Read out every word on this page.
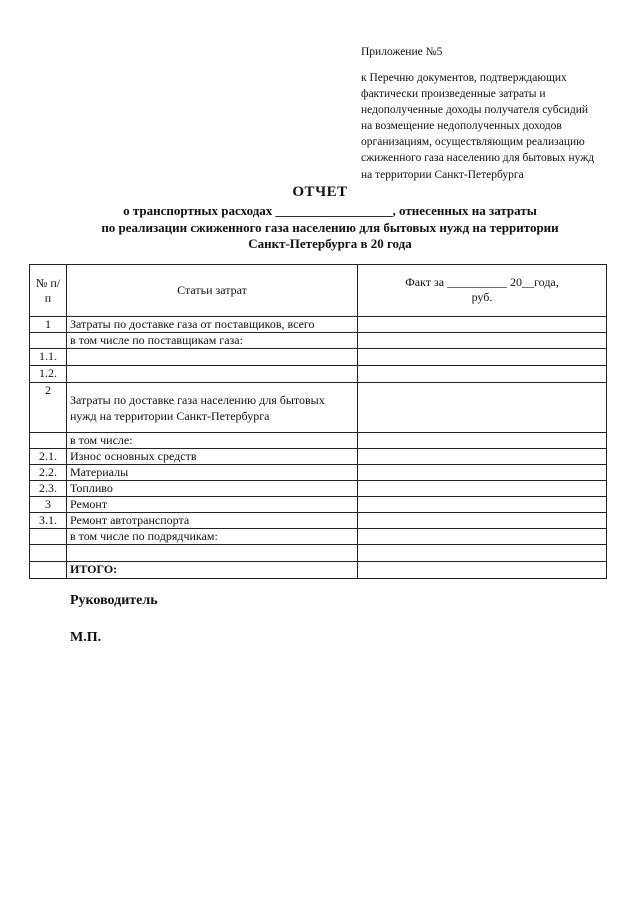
Приложение №5
к Перечню документов, подтверждающих
фактически произведенные затраты и
недополученные доходы получателя субсидий
на возмещение недополученных доходов
организациям, осуществляющим реализацию
сжиженного газа населению для бытовых нужд
на территории Санкт-Петербурга
ОТЧЕТ
о транспортных расходах __________________, отнесенных на затраты
по реализации сжиженного газа населению для бытовых нужд на территории
Санкт-Петербурга в 20 года
№ п/п	Статьи затрат	Факт за __________ 20__года,
руб.

1	Затраты по доставке газа от поставщиков, всего	
	в том числе по поставщикам газа:	
1.1.		
1.2.		
2	Затраты по доставке газа населению для бытовых нужд на территории Санкт-Петербурга	
	в том числе:	
2.1.	Износ основных средств	
2.2.	Материалы	
2.3.	Топливо	
3	Ремонт	
3.1.	Ремонт автотранспорта	
	в том числе по подрядчикам:	

	ИТОГО:	
Руководитель
М.П.
